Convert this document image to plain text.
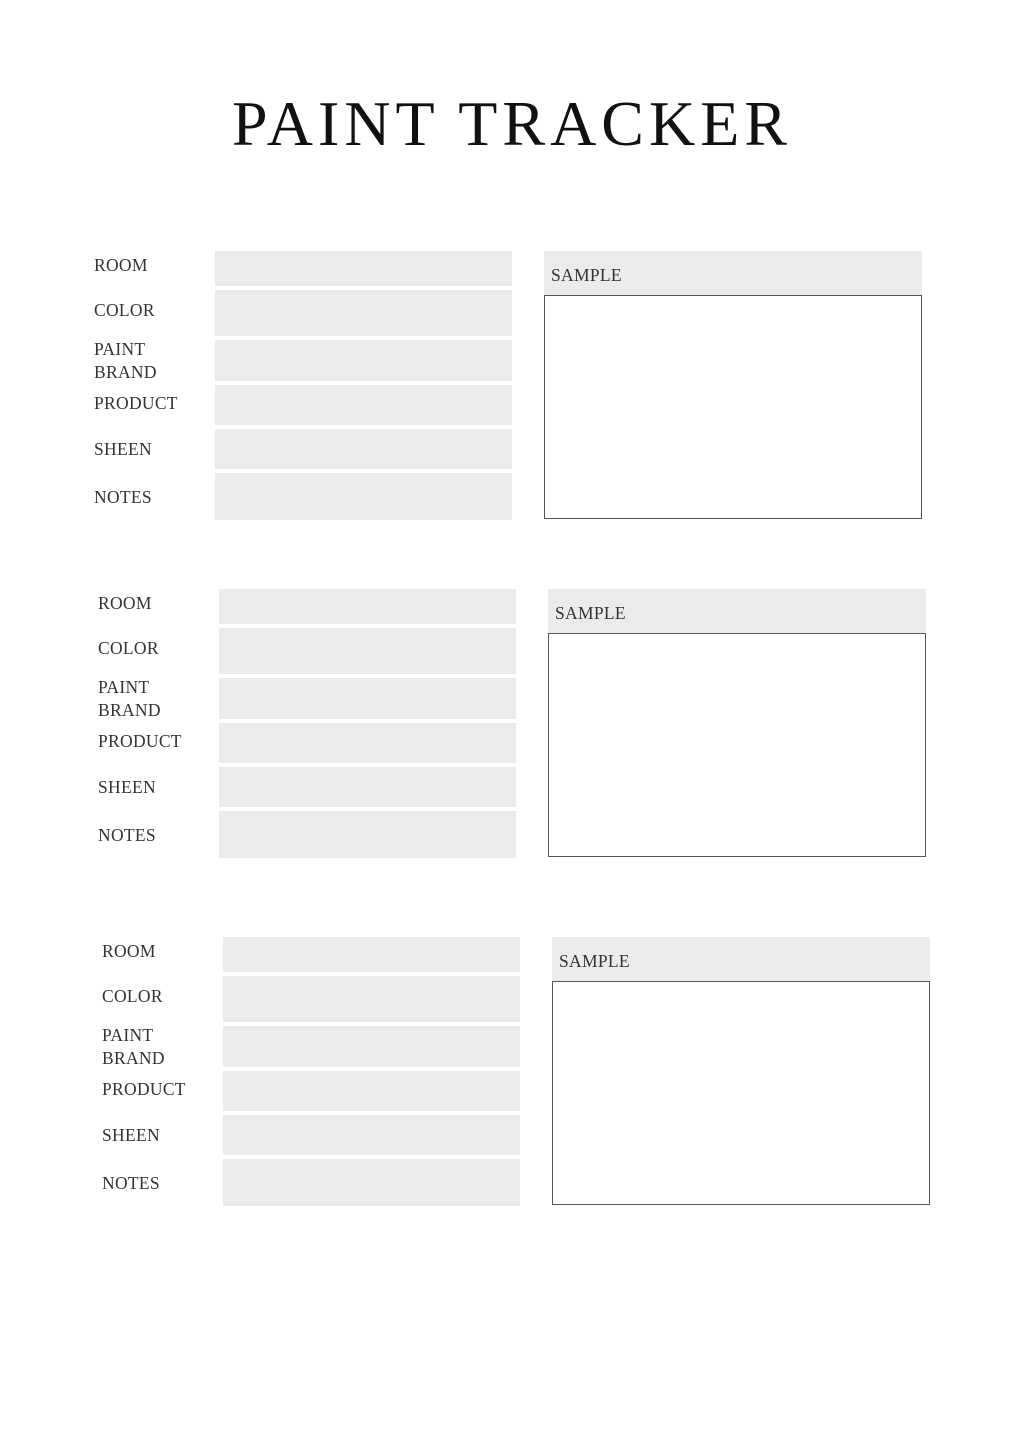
PAINT TRACKER
ROOM
COLOR
PAINT
BRAND
PRODUCT
SHEEN
NOTES
SAMPLE
ROOM
COLOR
PAINT
BRAND
PRODUCT
SHEEN
NOTES
SAMPLE
ROOM
COLOR
PAINT
BRAND
PRODUCT
SHEEN
NOTES
SAMPLE
